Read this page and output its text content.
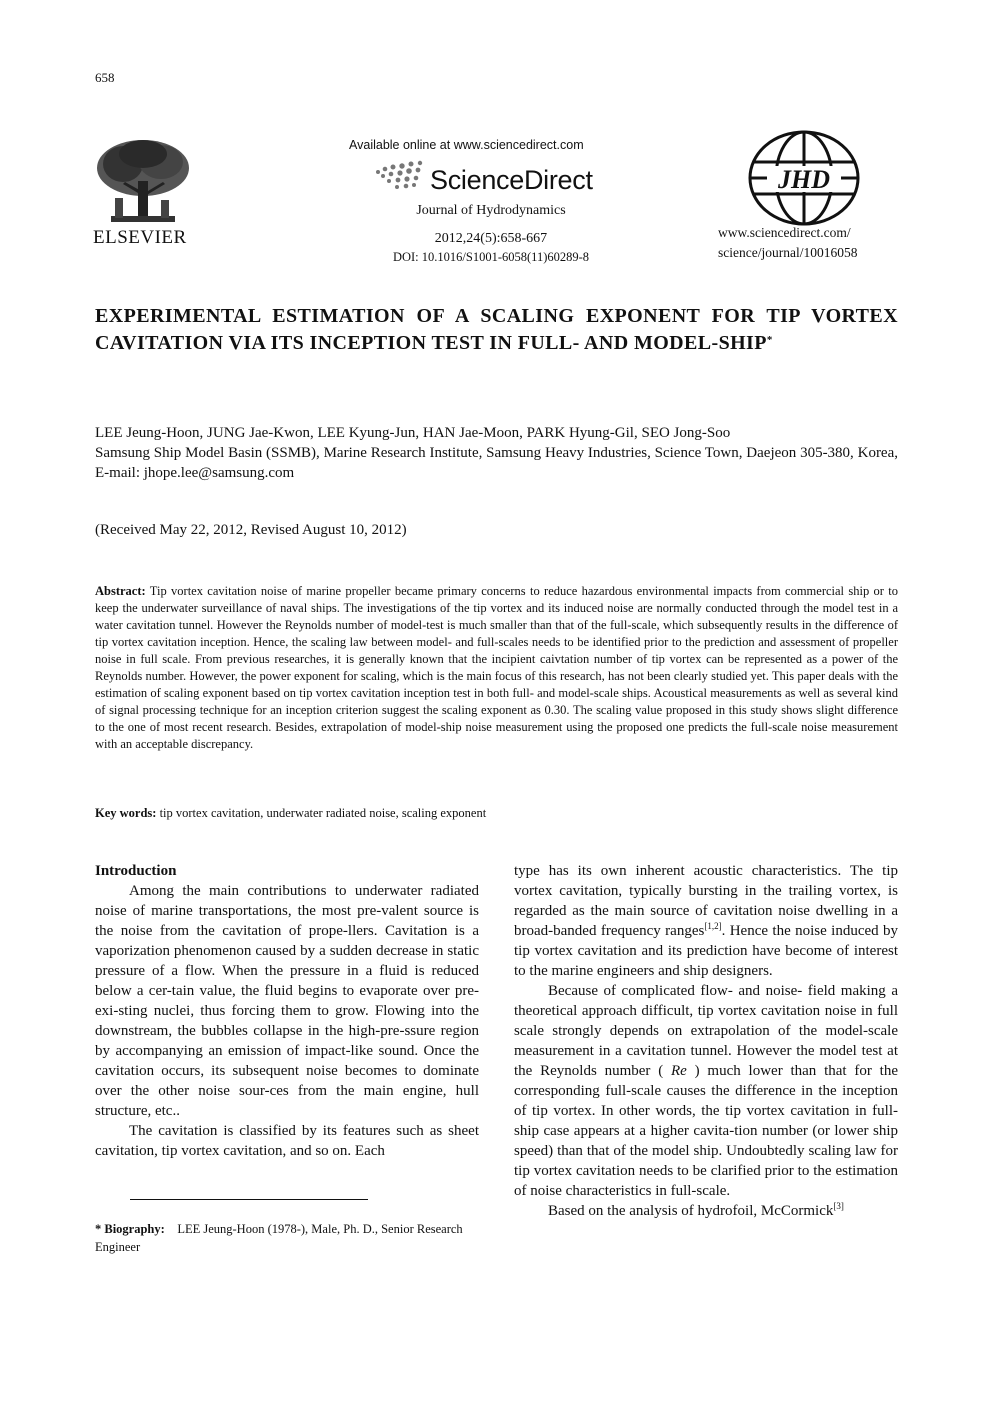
658
ELSEVIER
Available online at www.sciencedirect.com
ScienceDirect
Journal of Hydrodynamics
2012,24(5):658-667
DOI: 10.1016/S1001-6058(11)60289-8
JHD
www.sciencedirect.com/
science/journal/10016058
EXPERIMENTAL ESTIMATION OF A SCALING EXPONENT FOR TIP VORTEX CAVITATION VIA ITS INCEPTION TEST IN FULL- AND MODEL-SHIP*
LEE Jeung-Hoon, JUNG Jae-Kwon, LEE Kyung-Jun, HAN Jae-Moon, PARK Hyung-Gil, SEO Jong-Soo
Samsung Ship Model Basin (SSMB), Marine Research Institute, Samsung Heavy Industries, Science Town, Daejeon 305-380, Korea, E-mail: jhope.lee@samsung.com
(Received May 22, 2012, Revised August 10, 2012)
Abstract: Tip vortex cavitation noise of marine propeller became primary concerns to reduce hazardous environmental impacts from commercial ship or to keep the underwater surveillance of naval ships. The investigations of the tip vortex and its induced noise are normally conducted through the model test in a water cavitation tunnel. However the Reynolds number of model-test is much smaller than that of the full-scale, which subsequently results in the difference of tip vortex cavitation inception. Hence, the scaling law between model- and full-scales needs to be identified prior to the prediction and assessment of propeller noise in full scale. From previous researches, it is generally known that the incipient caivtation number of tip vortex can be represented as a power of the Reynolds number. However, the power exponent for scaling, which is the main focus of this research, has not been clearly studied yet. This paper deals with the estimation of scaling exponent based on tip vortex cavitation inception test in both full- and model-scale ships. Acoustical measurements as well as several kind of signal processing technique for an inception criterion suggest the scaling exponent as 0.30. The scaling value proposed in this study shows slight difference to the one of most recent research. Besides, extrapolation of model-ship noise measurement using the proposed one predicts the full-scale noise measurement with an acceptable discrepancy.
Key words: tip vortex cavitation, underwater radiated noise, scaling exponent

Introduction

Among the main contributions to underwater radiated noise of marine transportations, the most pre-valent source is the noise from the cavitation of prope-llers. Cavitation is a vaporization phenomenon caused by a sudden decrease in static pressure of a flow. When the pressure in a fluid is reduced below a cer-tain value, the fluid begins to evaporate over pre-exi-sting nuclei, thus forcing them to grow. Flowing into the downstream, the bubbles collapse in the high-pre-ssure region by accompanying an emission of impact-like sound. Once the cavitation occurs, its subsequent noise becomes to dominate over the other noise sour-ces from the main engine, hull structure, etc..

The cavitation is classified by its features such as sheet cavitation, tip vortex cavitation, and so on. Each

type has its own inherent acoustic characteristics. The tip vortex cavitation, typically bursting in the trailing vortex, is regarded as the main source of cavitation noise dwelling in a broad-banded frequency ranges[1,2]. Hence the noise induced by tip vortex cavitation and its prediction have become of interest to the marine engineers and ship designers.

Because of complicated flow- and noise- field making a theoretical approach difficult, tip vortex cavitation noise in full scale strongly depends on extrapolation of the model-scale measurement in a cavitation tunnel. However the model test at the Reynolds number ( Re ) much lower than that for the corresponding full-scale causes the difference in the inception of tip vortex. In other words, the tip vortex cavitation in full-ship case appears at a higher cavita-tion number (or lower ship speed) than that of the model ship. Undoubtedly scaling law for tip vortex cavitation needs to be clarified prior to the estimation of noise characteristics in full-scale.

Based on the analysis of hydrofoil, McCormick[3]

* Biography: LEE Jeung-Hoon (1978-), Male, Ph. D., Senior Research Engineer
